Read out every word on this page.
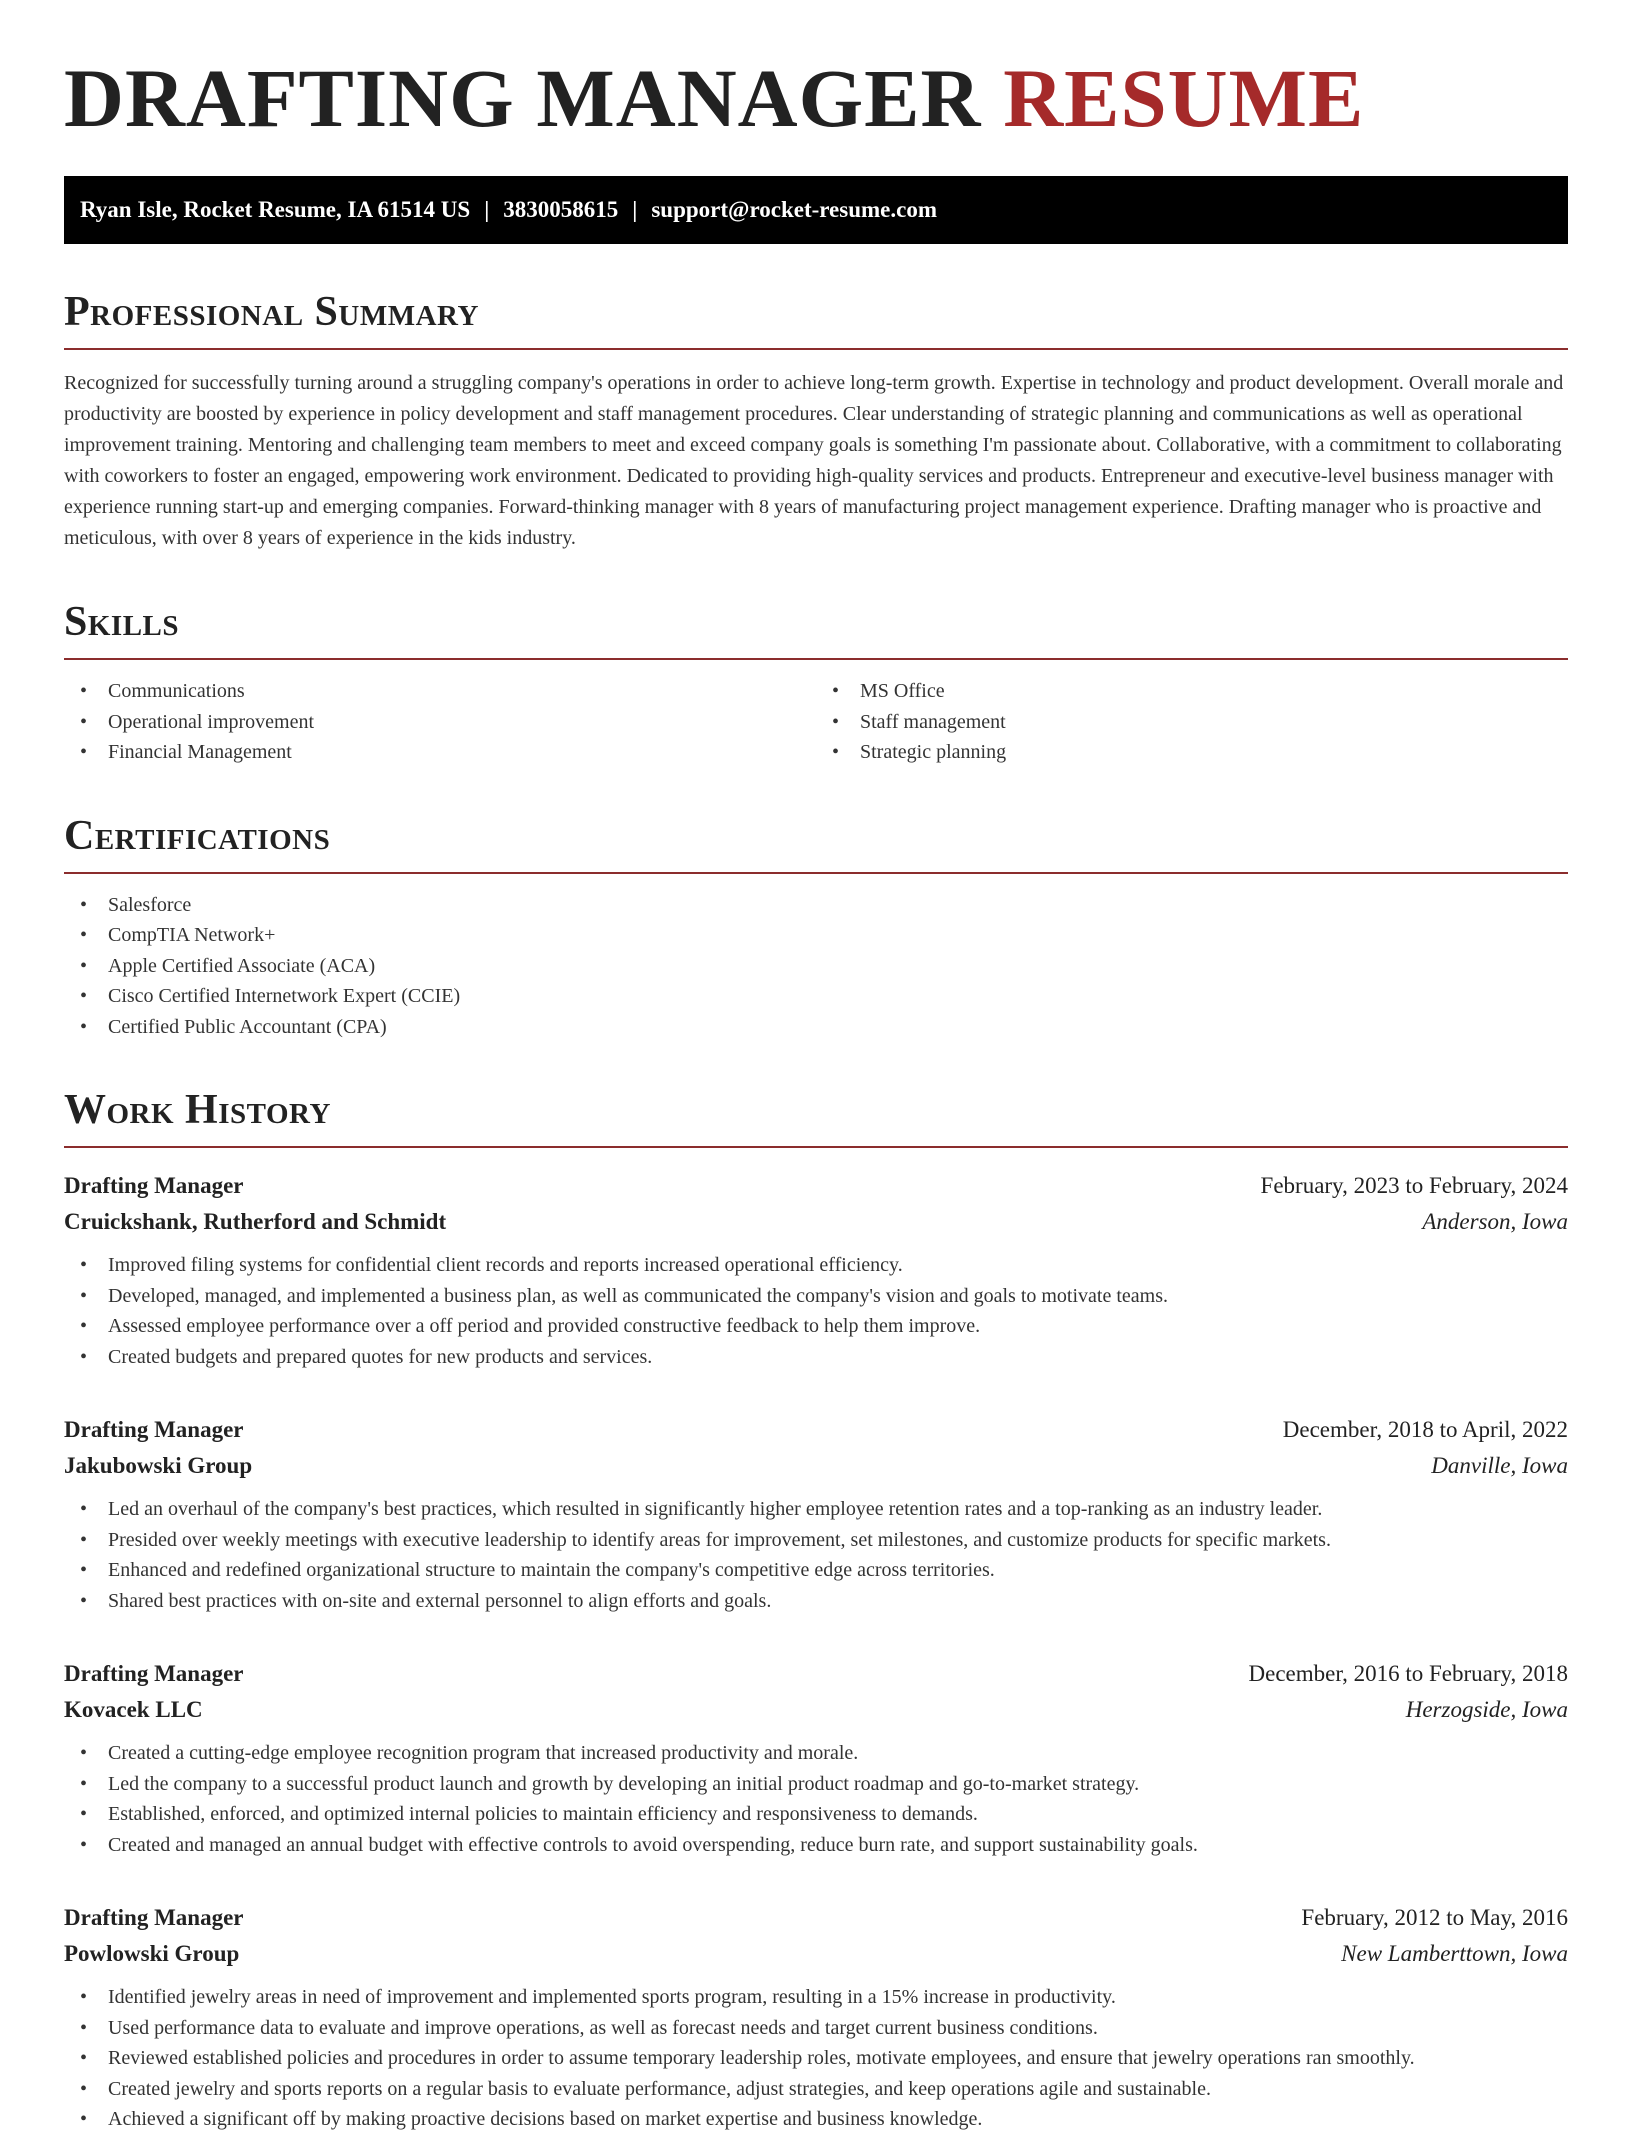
DRAFTING MANAGER RESUME
Ryan Isle, Rocket Resume, IA 61514 US | 3830058615 | support@rocket-resume.com
Professional Summary

Recognized for successfully turning around a struggling company's operations in order to achieve long-term growth. Expertise in technology and product development. Overall morale and productivity are boosted by experience in policy development and staff management procedures. Clear understanding of strategic planning and communications as well as operational improvement training. Mentoring and challenging team members to meet and exceed company goals is something I'm passionate about. Collaborative, with a commitment to collaborating with coworkers to foster an engaged, empowering work environment. Dedicated to providing high-quality services and products. Entrepreneur and executive-level business manager with experience running start-up and emerging companies. Forward-thinking manager with 8 years of manufacturing project management experience. Drafting manager who is proactive and meticulous, with over 8 years of experience in the kids industry.

Skills
• Communications
• Operational improvement
• Financial Management
• MS Office
• Staff management
• Strategic planning
Certifications
• Salesforce
• CompTIA Network+
• Apple Certified Associate (ACA)
• Cisco Certified Internetwork Expert (CCIE)
• Certified Public Accountant (CPA)
Work History
Drafting Manager	February, 2023 to February, 2024
Cruickshank, Rutherford and Schmidt	Anderson, Iowa
• Improved filing systems for confidential client records and reports increased operational efficiency.
• Developed, managed, and implemented a business plan, as well as communicated the company's vision and goals to motivate teams.
• Assessed employee performance over a off period and provided constructive feedback to help them improve.
• Created budgets and prepared quotes for new products and services.
Drafting Manager	December, 2018 to April, 2022
Jakubowski Group	Danville, Iowa
• Led an overhaul of the company's best practices, which resulted in significantly higher employee retention rates and a top-ranking as an industry leader.
• Presided over weekly meetings with executive leadership to identify areas for improvement, set milestones, and customize products for specific markets.
• Enhanced and redefined organizational structure to maintain the company's competitive edge across territories.
• Shared best practices with on-site and external personnel to align efforts and goals.
Drafting Manager	December, 2016 to February, 2018
Kovacek LLC	Herzogside, Iowa
• Created a cutting-edge employee recognition program that increased productivity and morale.
• Led the company to a successful product launch and growth by developing an initial product roadmap and go-to-market strategy.
• Established, enforced, and optimized internal policies to maintain efficiency and responsiveness to demands.
• Created and managed an annual budget with effective controls to avoid overspending, reduce burn rate, and support sustainability goals.
Drafting Manager	February, 2012 to May, 2016
Powlowski Group	New Lamberttown, Iowa
• Identified jewelry areas in need of improvement and implemented sports program, resulting in a 15% increase in productivity.
• Used performance data to evaluate and improve operations, as well as forecast needs and target current business conditions.
• Reviewed established policies and procedures in order to assume temporary leadership roles, motivate employees, and ensure that jewelry operations ran smoothly.
• Created jewelry and sports reports on a regular basis to evaluate performance, adjust strategies, and keep operations agile and sustainable.
• Achieved a significant off by making proactive decisions based on market expertise and business knowledge.
